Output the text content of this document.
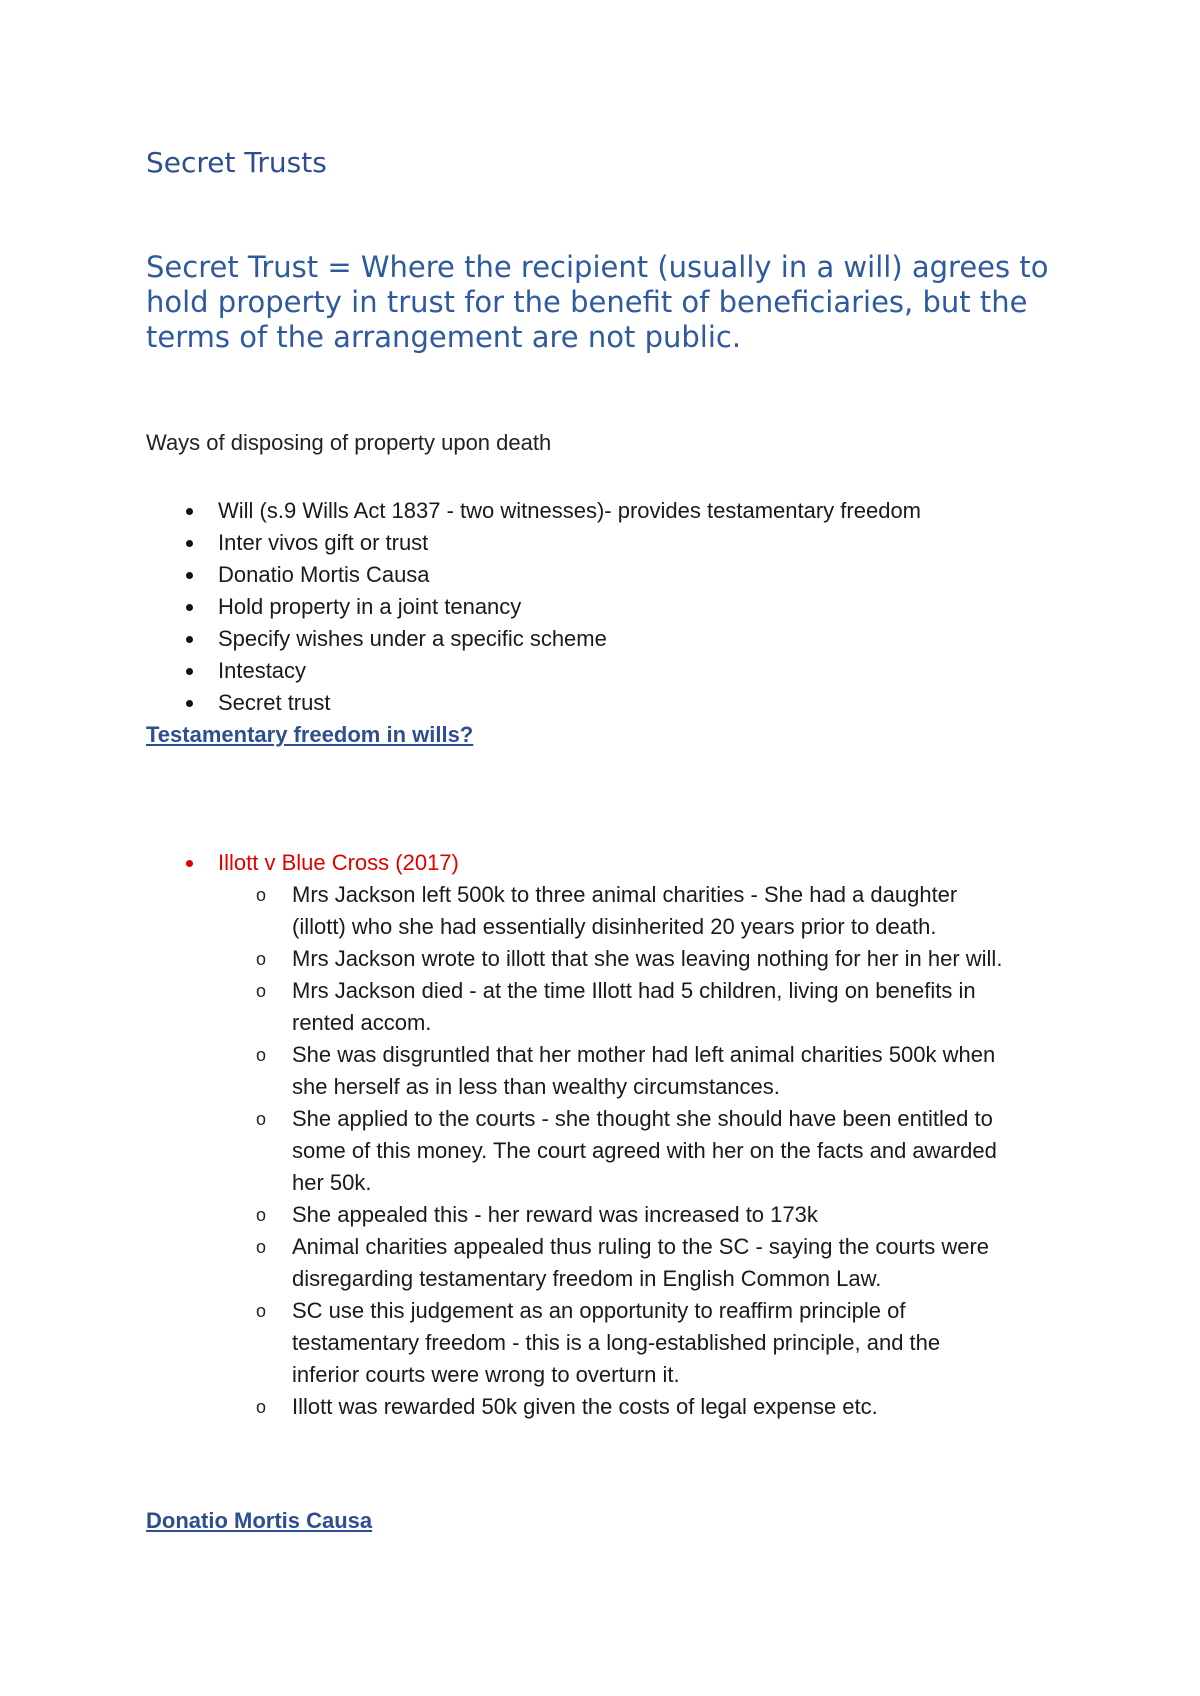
Secret Trusts

Secret Trust = Where the recipient (usually in a will) agrees to hold property in trust for the benefit of beneficiaries, but the terms of the arrangement are not public.

Ways of disposing of property upon death

Will (s.9 Wills Act 1837 - two witnesses)- provides testamentary freedom
Inter vivos gift or trust
Donatio Mortis Causa
Hold property in a joint tenancy
Specify wishes under a specific scheme
Intestacy
Secret trust
Testamentary freedom in wills?
Illott v Blue Cross (2017)
o Mrs Jackson left 500k to three animal charities - She had a daughter (illott) who she had essentially disinherited 20 years prior to death.
o Mrs Jackson wrote to illott that she was leaving nothing for her in her will.
o Mrs Jackson died - at the time Illott had 5 children, living on benefits in rented accom.
o She was disgruntled that her mother had left animal charities 500k when she herself as in less than wealthy circumstances.
o She applied to the courts - she thought she should have been entitled to some of this money. The court agreed with her on the facts and awarded her 50k.
o She appealed this - her reward was increased to 173k
o Animal charities appealed thus ruling to the SC - saying the courts were disregarding testamentary freedom in English Common Law.
o SC use this judgement as an opportunity to reaffirm principle of testamentary freedom - this is a long-established principle, and the inferior courts were wrong to overturn it.
o Illott was rewarded 50k given the costs of legal expense etc.
Donatio Mortis Causa
